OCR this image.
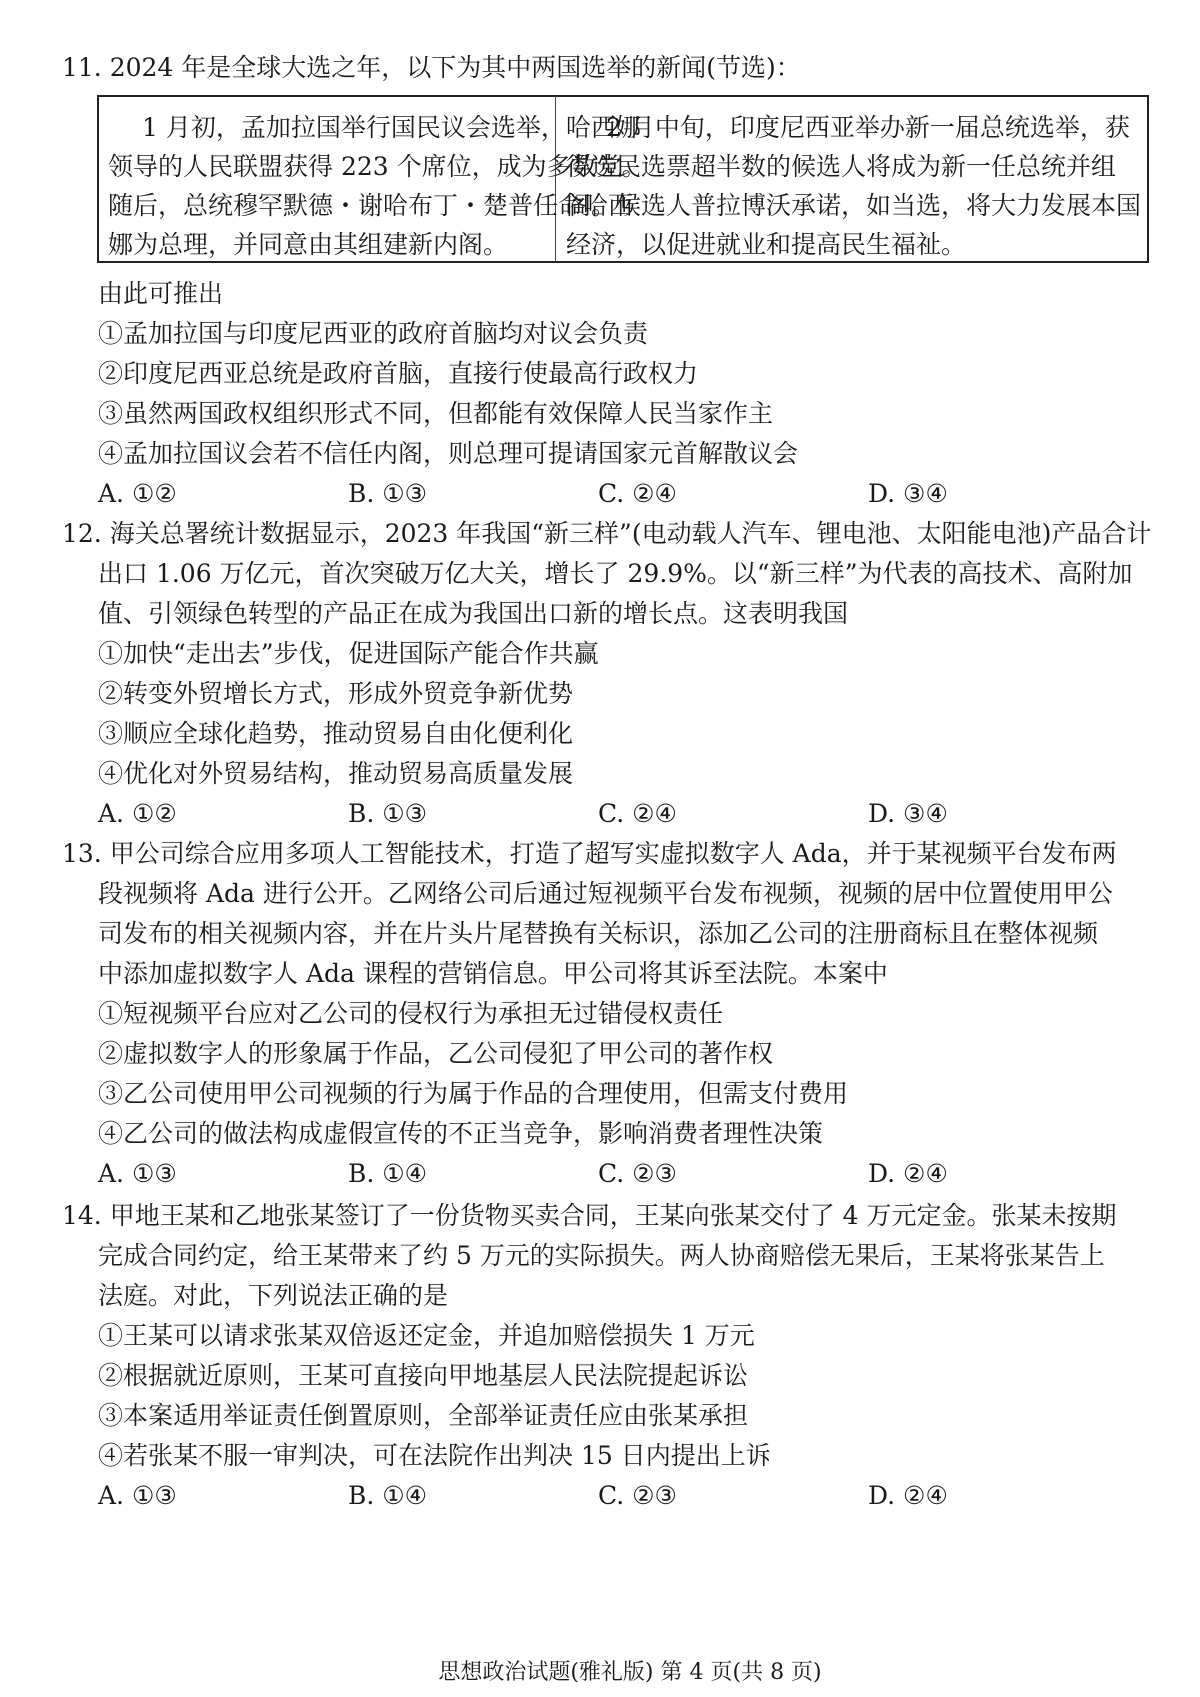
11. 2024 年是全球大选之年，以下为其中两国选举的新闻(节选)：
1 月初，孟加拉国举行国民议会选举，哈西娜
领导的人民联盟获得 223 个席位，成为多数党。
随后，总统穆罕默德・谢哈布丁・楚普任命哈西
娜为总理，并同意由其组建新内阁。
2 月中旬，印度尼西亚举办新一届总统选举，获
得选民选票超半数的候选人将成为新一任总统并组
阁。候选人普拉博沃承诺，如当选，将大力发展本国
经济，以促进就业和提高民生福祉。
由此可推出
①孟加拉国与印度尼西亚的政府首脑均对议会负责
②印度尼西亚总统是政府首脑，直接行使最高行政权力
③虽然两国政权组织形式不同，但都能有效保障人民当家作主
④孟加拉国议会若不信任内阁，则总理可提请国家元首解散议会
A. ①②	B. ①③	C. ②④	D. ③④
12. 海关总署统计数据显示，2023 年我国“新三样”(电动载人汽车、锂电池、太阳能电池)产品合计
出口 1.06 万亿元，首次突破万亿大关，增长了 29.9%。以“新三样”为代表的高技术、高附加
值、引领绿色转型的产品正在成为我国出口新的增长点。这表明我国
①加快“走出去”步伐，促进国际产能合作共赢
②转变外贸增长方式，形成外贸竞争新优势
③顺应全球化趋势，推动贸易自由化便利化
④优化对外贸易结构，推动贸易高质量发展
A. ①②	B. ①③	C. ②④	D. ③④
13. 甲公司综合应用多项人工智能技术，打造了超写实虚拟数字人 Ada，并于某视频平台发布两
段视频将 Ada 进行公开。乙网络公司后通过短视频平台发布视频，视频的居中位置使用甲公
司发布的相关视频内容，并在片头片尾替换有关标识，添加乙公司的注册商标且在整体视频
中添加虚拟数字人 Ada 课程的营销信息。甲公司将其诉至法院。本案中
①短视频平台应对乙公司的侵权行为承担无过错侵权责任
②虚拟数字人的形象属于作品，乙公司侵犯了甲公司的著作权
③乙公司使用甲公司视频的行为属于作品的合理使用，但需支付费用
④乙公司的做法构成虚假宣传的不正当竞争，影响消费者理性决策
A. ①③	B. ①④	C. ②③	D. ②④
14. 甲地王某和乙地张某签订了一份货物买卖合同，王某向张某交付了 4 万元定金。张某未按期
完成合同约定，给王某带来了约 5 万元的实际损失。两人协商赔偿无果后，王某将张某告上
法庭。对此，下列说法正确的是
①王某可以请求张某双倍返还定金，并追加赔偿损失 1 万元
②根据就近原则，王某可直接向甲地基层人民法院提起诉讼
③本案适用举证责任倒置原则，全部举证责任应由张某承担
④若张某不服一审判决，可在法院作出判决 15 日内提出上诉
A. ①③	B. ①④	C. ②③	D. ②④
思想政治试题(雅礼版) 第 4 页(共 8 页)
